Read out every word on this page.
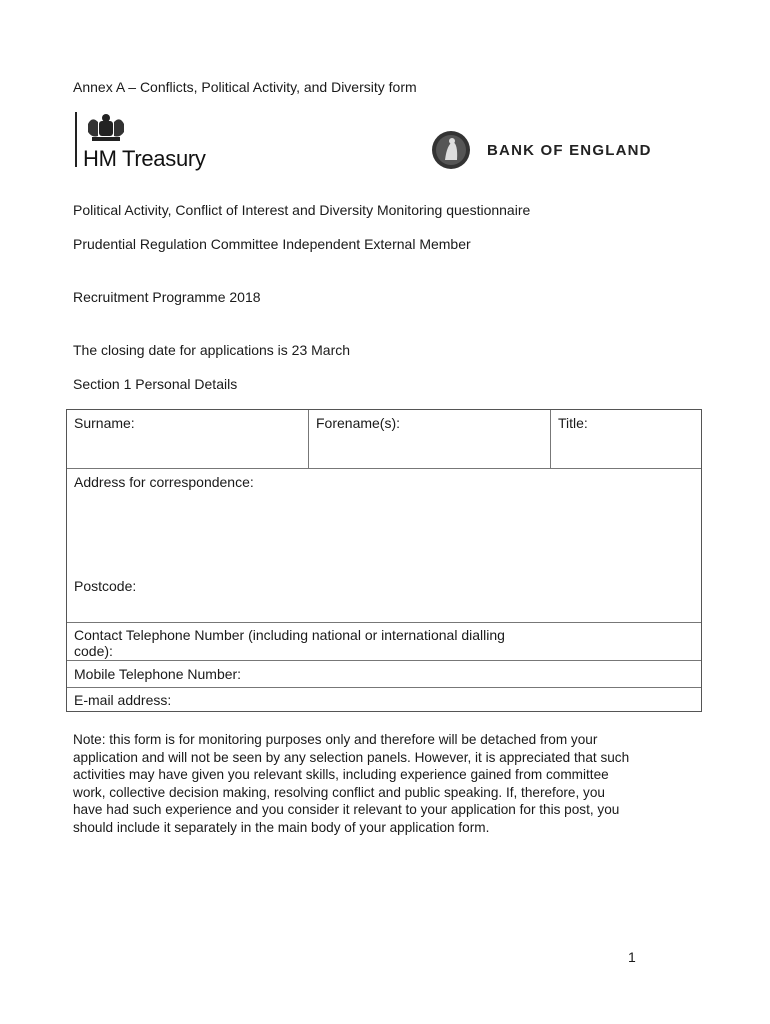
Annex A – Conflicts, Political Activity, and Diversity form
HM Treasury	BANK OF ENGLAND
Political Activity, Conflict of Interest and Diversity Monitoring questionnaire
Prudential Regulation Committee Independent External Member
Recruitment Programme 2018
The closing date for applications is 23 March
Section 1 Personal Details
Surname:	Forename(s):	Title:
Address for correspondence:
Postcode:
Contact Telephone Number (including national or international dialling
code):
Mobile Telephone Number:
E-mail address:
Note: this form is for monitoring purposes only and therefore will be detached from your
application and will not be seen by any selection panels. However, it is appreciated that such
activities may have given you relevant skills, including experience gained from committee
work, collective decision making, resolving conflict and public speaking. If, therefore, you
have had such experience and you consider it relevant to your application for this post, you
should include it separately in the main body of your application form.
1
